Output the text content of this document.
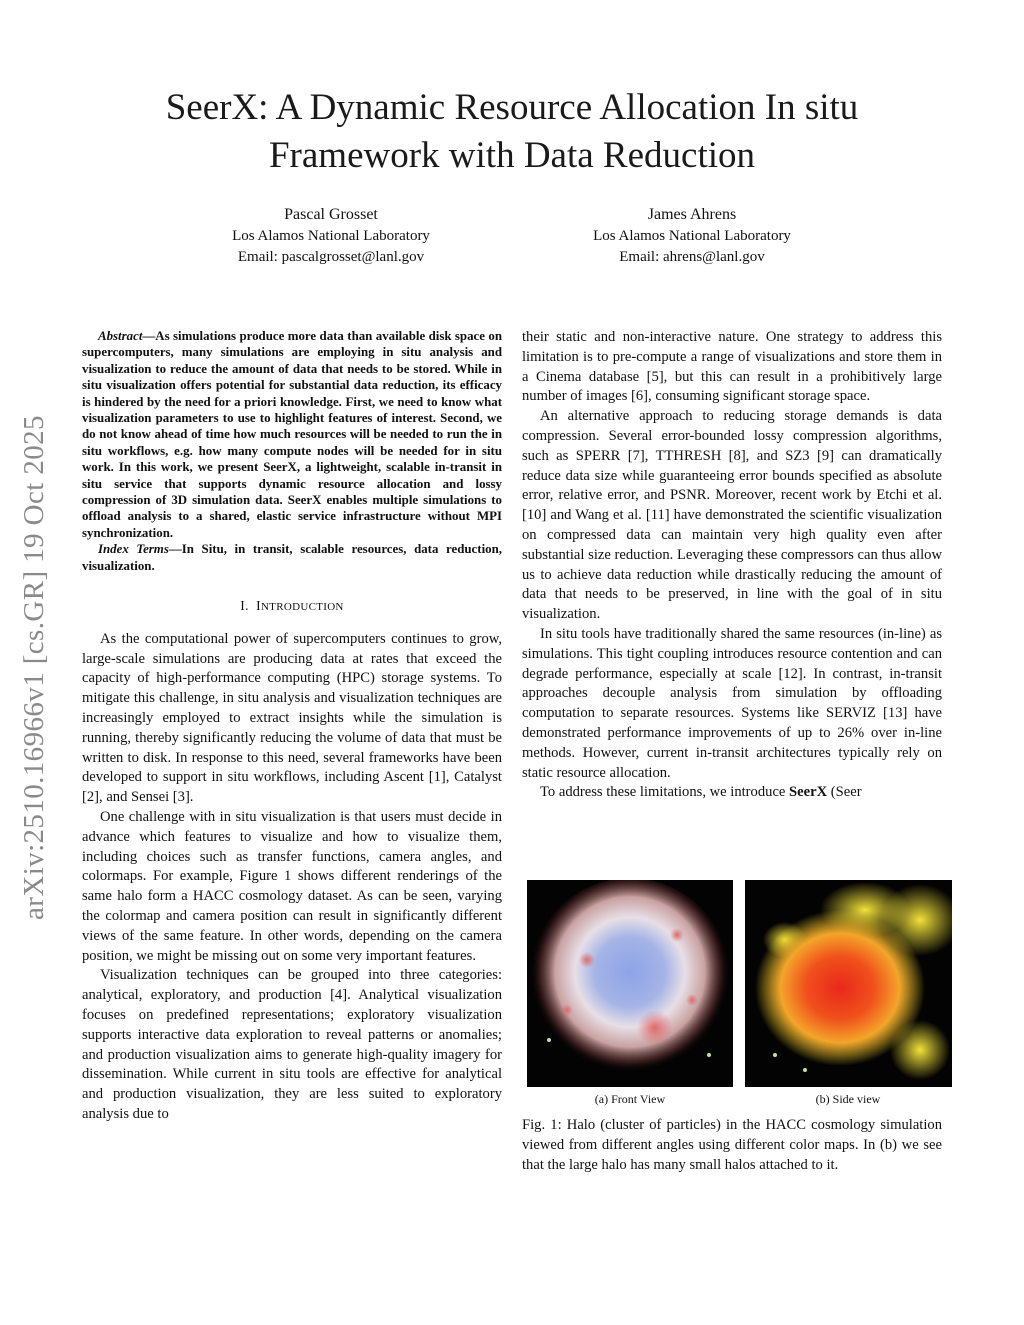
arXiv:2510.16966v1 [cs.GR] 19 Oct 2025
SeerX: A Dynamic Resource Allocation In situ Framework with Data Reduction
Pascal Grosset
Los Alamos National Laboratory
Email: pascalgrosset@lanl.gov
James Ahrens
Los Alamos National Laboratory
Email: ahrens@lanl.gov

Abstract—As simulations produce more data than available disk space on supercomputers, many simulations are employing in situ analysis and visualization to reduce the amount of data that needs to be stored. While in situ visualization offers potential for substantial data reduction, its efficacy is hindered by the need for a priori knowledge. First, we need to know what visualization parameters to use to highlight features of interest. Second, we do not know ahead of time how much resources will be needed to run the in situ workflows, e.g. how many compute nodes will be needed for in situ work. In this work, we present SeerX, a lightweight, scalable in-transit in situ service that supports dynamic resource allocation and lossy compression of 3D simulation data. SeerX enables multiple simulations to offload analysis to a shared, elastic service infrastructure without MPI synchronization.

Index Terms—In Situ, in transit, scalable resources, data reduction, visualization.

I. INTRODUCTION

As the computational power of supercomputers continues to grow, large-scale simulations are producing data at rates that exceed the capacity of high-performance computing (HPC) storage systems. To mitigate this challenge, in situ analysis and visualization techniques are increasingly employed to extract insights while the simulation is running, thereby significantly reducing the volume of data that must be written to disk. In response to this need, several frameworks have been developed to support in situ workflows, including Ascent [1], Catalyst [2], and Sensei [3].

One challenge with in situ visualization is that users must decide in advance which features to visualize and how to visualize them, including choices such as transfer functions, camera angles, and colormaps. For example, Figure 1 shows different renderings of the same halo form a HACC cosmology dataset. As can be seen, varying the colormap and camera position can result in significantly different views of the same feature. In other words, depending on the camera position, we might be missing out on some very important features.

Visualization techniques can be grouped into three categories: analytical, exploratory, and production [4]. Analytical visualization focuses on predefined representations; exploratory visualization supports interactive data exploration to reveal patterns or anomalies; and production visualization aims to generate high-quality imagery for dissemination. While current in situ tools are effective for analytical and production visualization, they are less suited to exploratory analysis due to

their static and non-interactive nature. One strategy to address this limitation is to pre-compute a range of visualizations and store them in a Cinema database [5], but this can result in a prohibitively large number of images [6], consuming significant storage space.

An alternative approach to reducing storage demands is data compression. Several error-bounded lossy compression algorithms, such as SPERR [7], TTHRESH [8], and SZ3 [9] can dramatically reduce data size while guaranteeing error bounds specified as absolute error, relative error, and PSNR. Moreover, recent work by Etchi et al. [10] and Wang et al. [11] have demonstrated the scientific visualization on compressed data can maintain very high quality even after substantial size reduction. Leveraging these compressors can thus allow us to achieve data reduction while drastically reducing the amount of data that needs to be preserved, in line with the goal of in situ visualization.

In situ tools have traditionally shared the same resources (in-line) as simulations. This tight coupling introduces resource contention and can degrade performance, especially at scale [12]. In contrast, in-transit approaches decouple analysis from simulation by offloading computation to separate resources. Systems like SERVIZ [13] have demonstrated performance improvements of up to 26% over in-line methods. However, current in-transit architectures typically rely on static resource allocation.

To address these limitations, we introduce SeerX (Seer

(a) Front View	(b) Side view
Fig. 1: Halo (cluster of particles) in the HACC cosmology simulation viewed from different angles using different color maps. In (b) we see that the large halo has many small halos attached to it.
